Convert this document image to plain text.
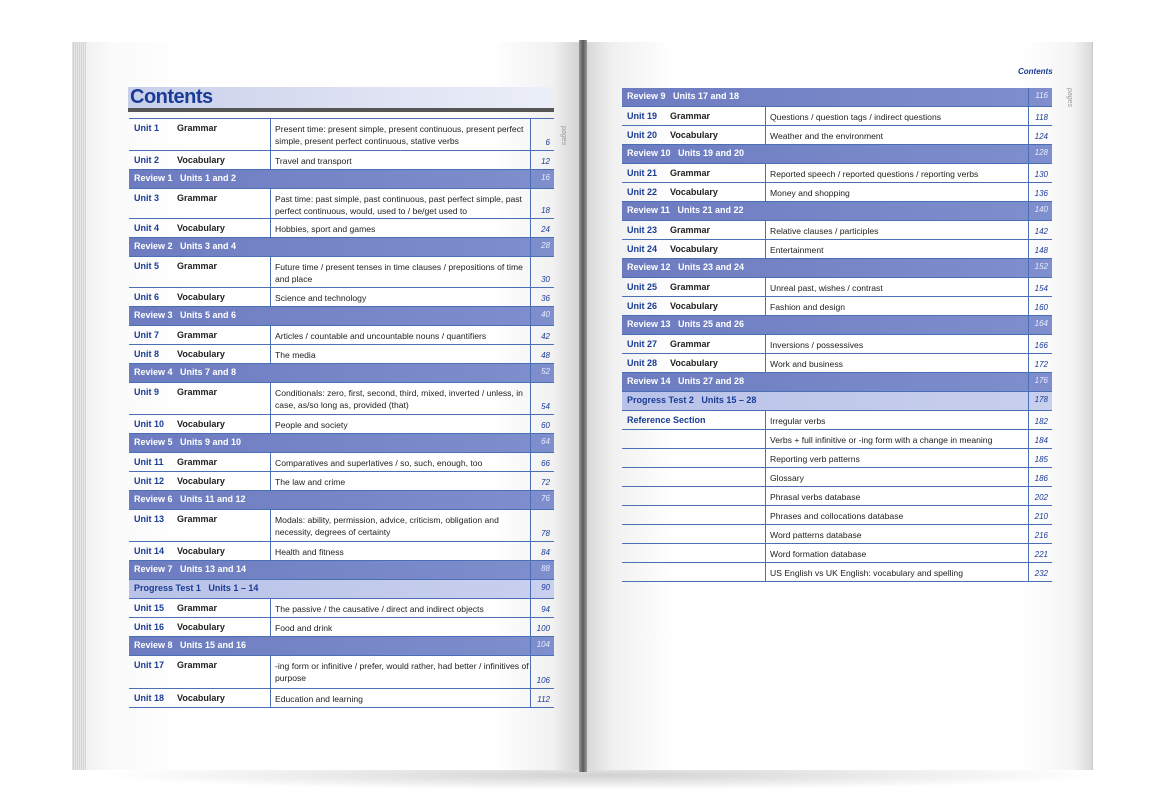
Contents
pages
pages
Contents
Unit 1 Grammar	Present time: present simple, present continuous, present perfect simple, present perfect continuous, stative verbs	6
Unit 2 Vocabulary	Travel and transport	12
Review 1   Units 1 and 2	16
Unit 3 Grammar	Past time: past simple, past continuous, past perfect simple, past perfect continuous, would, used to / be/get used to	18
Unit 4 Vocabulary	Hobbies, sport and games	24
Review 2   Units 3 and 4	28
Unit 5 Grammar	Future time / present tenses in time clauses / prepositions of time and place	30
Unit 6 Vocabulary	Science and technology	36
Review 3   Units 5 and 6	40
Unit 7 Grammar	Articles / countable and uncountable nouns / quantifiers	42
Unit 8 Vocabulary	The media	48
Review 4   Units 7 and 8	52
Unit 9 Grammar	Conditionals: zero, first, second, third, mixed, inverted / unless, in case, as/so long as, provided (that)	54
Unit 10 Vocabulary	People and society	60
Review 5   Units 9 and 10	64
Unit 11 Grammar	Comparatives and superlatives / so, such, enough, too	66
Unit 12 Vocabulary	The law and crime	72
Review 6   Units 11 and 12	76
Unit 13 Grammar	Modals: ability, permission, advice, criticism, obligation and necessity, degrees of certainty	78
Unit 14 Vocabulary	Health and fitness	84
Review 7   Units 13 and 14	88
Progress Test 1   Units 1 – 14	90
Unit 15 Grammar	The passive / the causative / direct and indirect objects	94
Unit 16 Vocabulary	Food and drink	100
Review 8   Units 15 and 16	104
Unit 17 Grammar	-ing form or infinitive / prefer, would rather, had better / infinitives of purpose	106
Unit 18 Vocabulary	Education and learning	112
Review 9   Units 17 and 18	116
Unit 19 Grammar	Questions / question tags / indirect questions	118
Unit 20 Vocabulary	Weather and the environment	124
Review 10   Units 19 and 20	128
Unit 21 Grammar	Reported speech / reported questions / reporting verbs	130
Unit 22 Vocabulary	Money and shopping	136
Review 11   Units 21 and 22	140
Unit 23 Grammar	Relative clauses / participles	142
Unit 24 Vocabulary	Entertainment	148
Review 12   Units 23 and 24	152
Unit 25 Grammar	Unreal past, wishes / contrast	154
Unit 26 Vocabulary	Fashion and design	160
Review 13   Units 25 and 26	164
Unit 27 Grammar	Inversions / possessives	166
Unit 28 Vocabulary	Work and business	172
Review 14   Units 27 and 28	176
Progress Test 2   Units 15 – 28	178
Reference Section	Irregular verbs	182
Verbs + full infinitive or -ing form with a change in meaning	184
Reporting verb patterns	185
Glossary	186
Phrasal verbs database	202
Phrases and collocations database	210
Word patterns database	216
Word formation database	221
US English vs UK English: vocabulary and spelling	232
